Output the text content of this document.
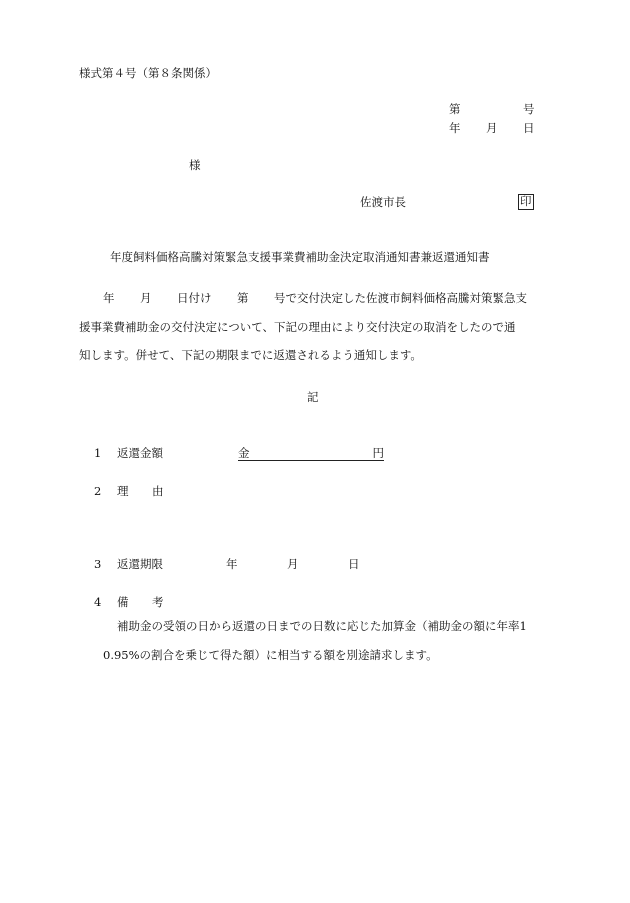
様式第４号（第８条関係）
第	号
年 月 日
様
佐渡市長	印
年度飼料価格高騰対策緊急支援事業費補助金決定取消通知書兼返還通知書
年 月 日付け 第 号で交付決定した佐渡市飼料価格高騰対策緊急支
援事業費補助金の交付決定について、下記の理由により交付決定の取消をしたので通
知します。併せて、下記の期限までに返還されるよう通知します。
記
1 返還金額	金	円
2 理 由
3 返還期限	年	月	日
4 備 考
補助金の受領の日から返還の日までの日数に応じた加算金（補助金の額に年率1
0.95%の割合を乗じて得た額）に相当する額を別途請求します。
